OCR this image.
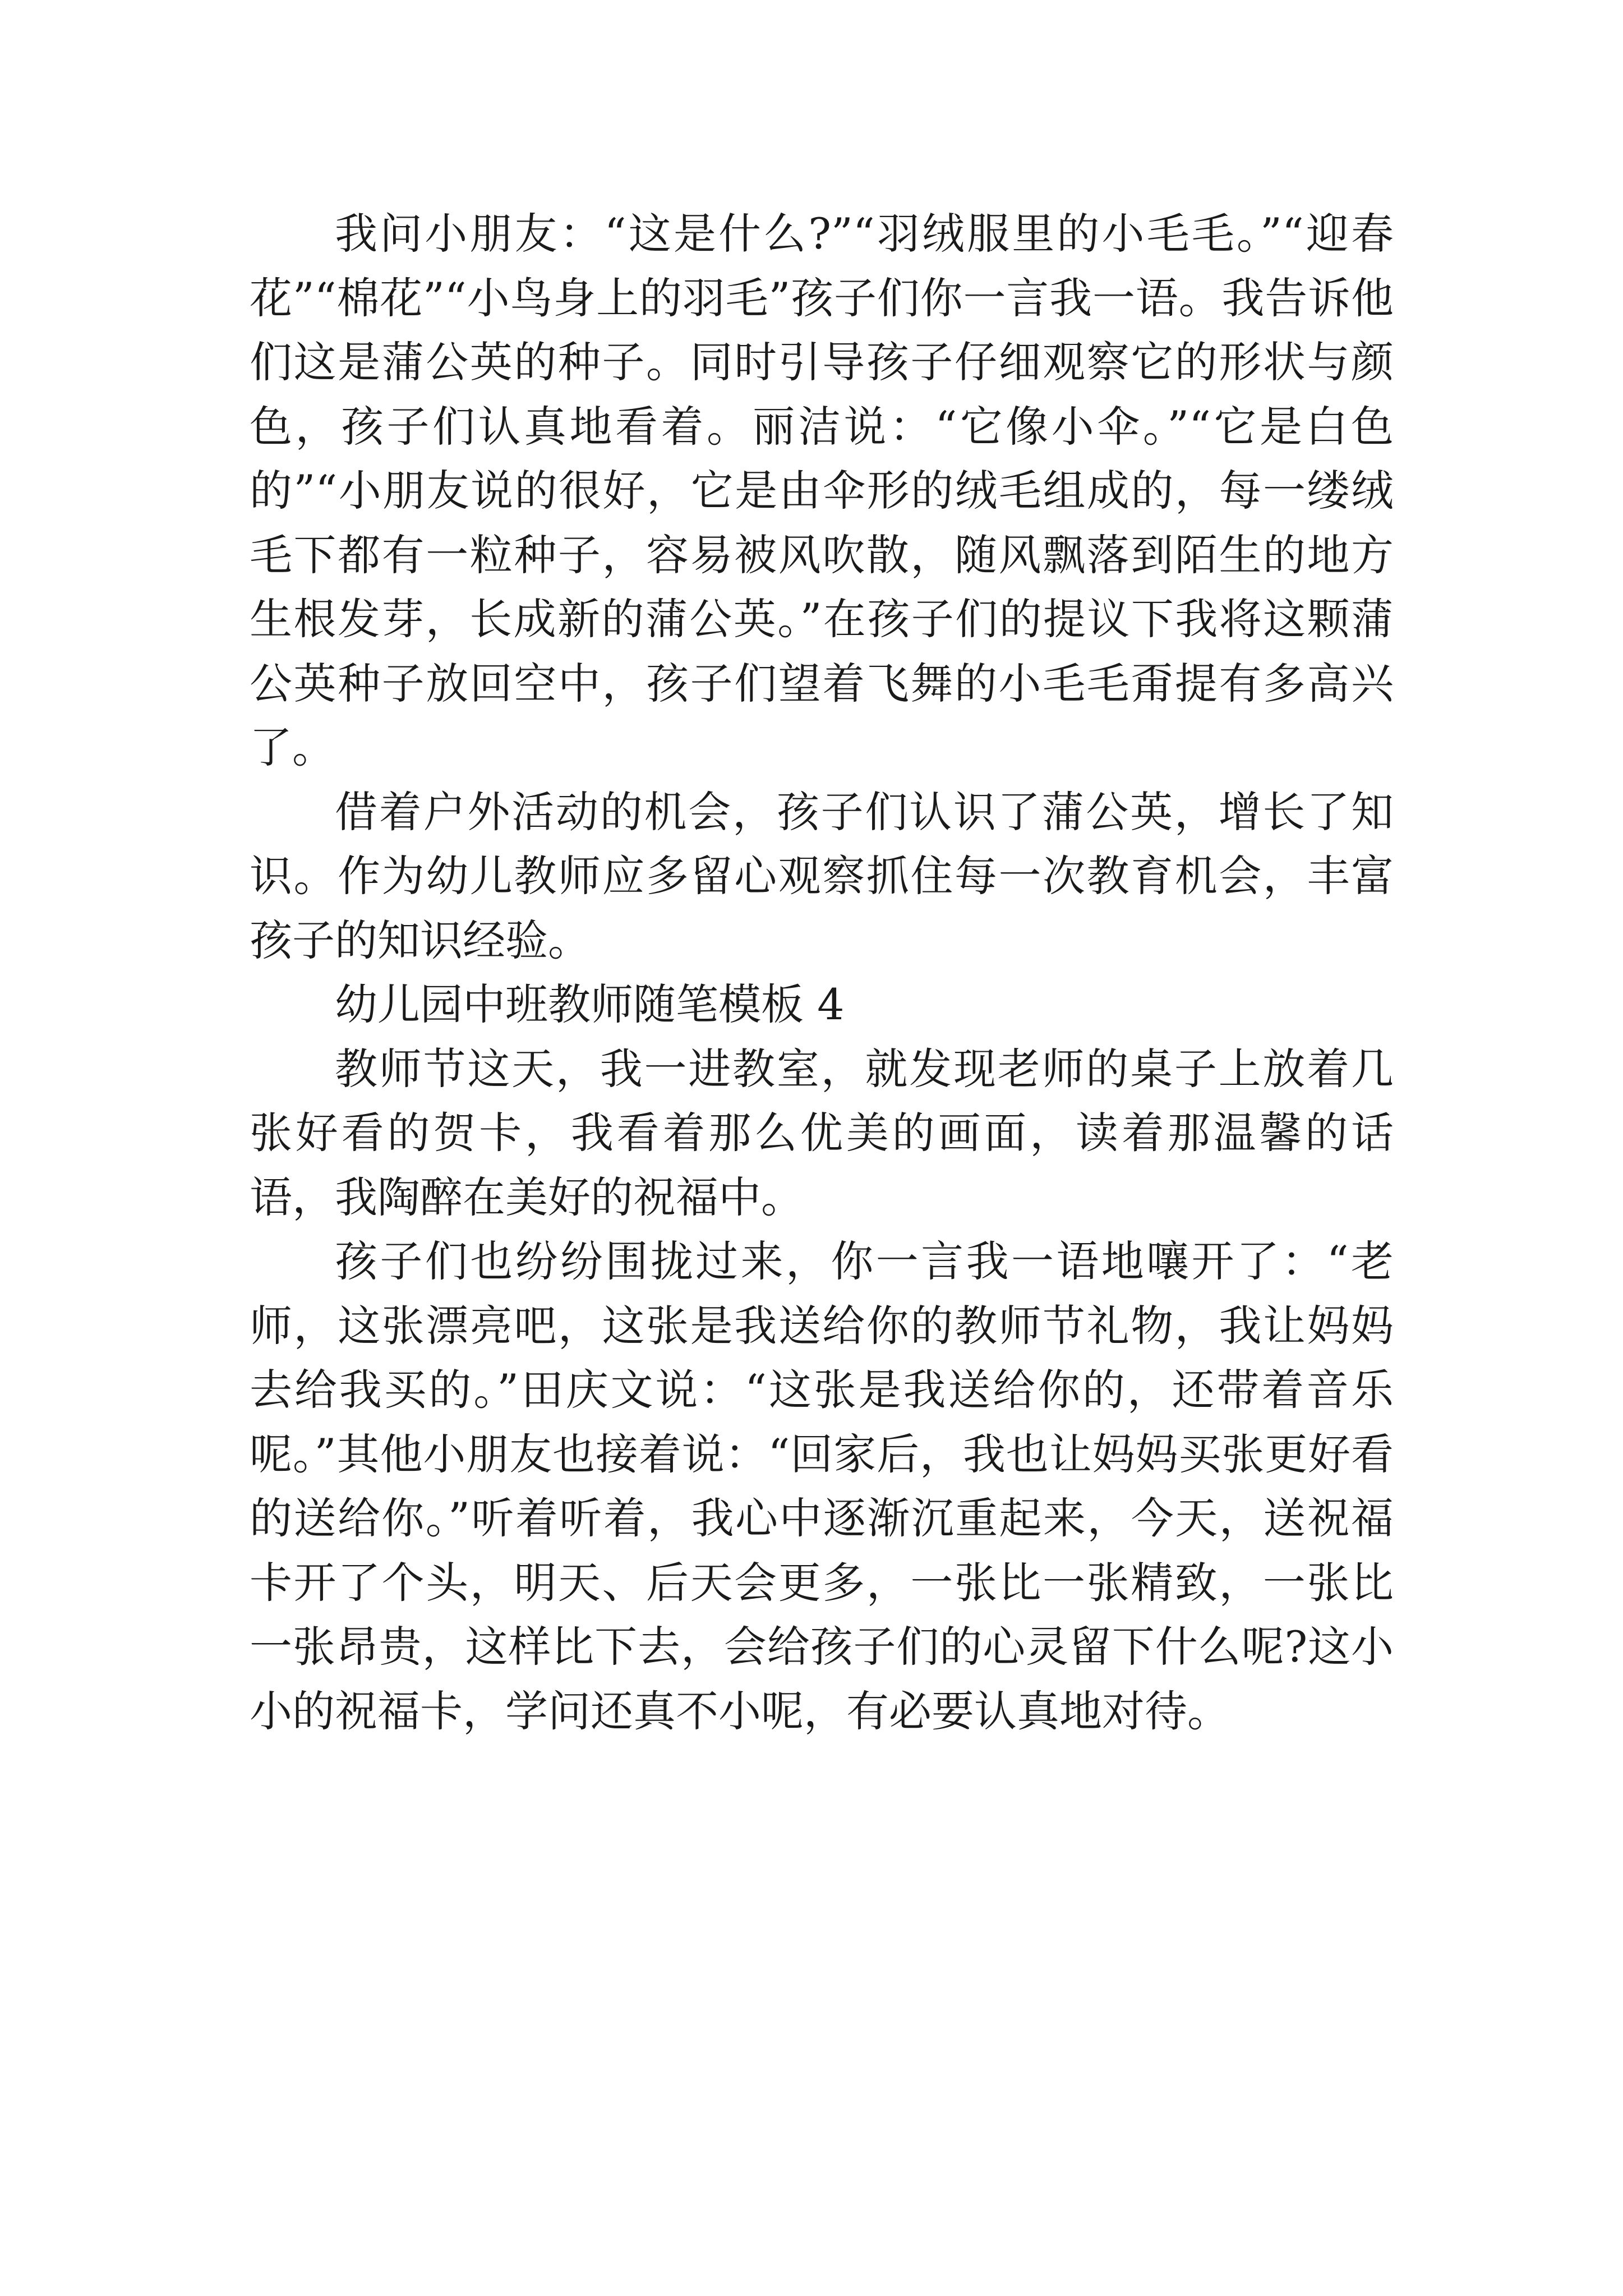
我问小朋友：“这是什么?”“羽绒服里的小毛毛。”“迎春花”“棉花”“小鸟身上的羽毛”孩子们你一言我一语。我告诉他们这是蒲公英的种子。同时引导孩子仔细观察它的形状与颜色，孩子们认真地看着。丽洁说：“它像小伞。”“它是白色的”“小朋友说的很好，它是由伞形的绒毛组成的，每一缕绒毛下都有一粒种子，容易被风吹散，随风飘落到陌生的地方生根发芽，长成新的蒲公英。”在孩子们的提议下我将这颗蒲公英种子放回空中，孩子们望着飞舞的小毛毛甭提有多高兴了。

借着户外活动的机会，孩子们认识了蒲公英，增长了知识。作为幼儿教师应多留心观察抓住每一次教育机会，丰富孩子的知识经验。

幼儿园中班教师随笔模板 4

教师节这天，我一进教室，就发现老师的桌子上放着几张好看的贺卡，我看着那么优美的画面，读着那温馨的话语，我陶醉在美好的祝福中。

孩子们也纷纷围拢过来，你一言我一语地嚷开了：“老师，这张漂亮吧，这张是我送给你的教师节礼物，我让妈妈去给我买的。”田庆文说：“这张是我送给你的，还带着音乐呢。”其他小朋友也接着说：“回家后，我也让妈妈买张更好看的送给你。”听着听着，我心中逐渐沉重起来，今天，送祝福卡开了个头，明天、后天会更多，一张比一张精致，一张比一张昂贵，这样比下去，会给孩子们的心灵留下什么呢?这小小的祝福卡，学问还真不小呢，有必要认真地对待。
